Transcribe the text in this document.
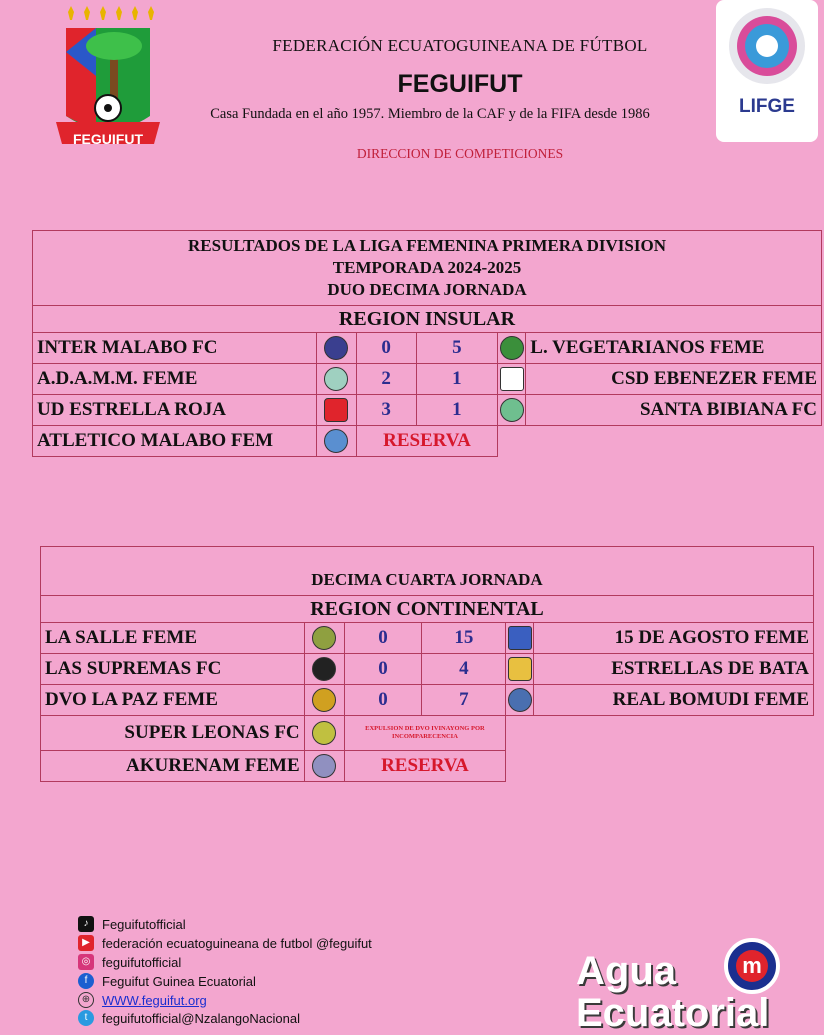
FEGUIFUT
LIFGE
FEDERACIÓN ECUATOGUINEANA DE FÚTBOL
FEGUIFUT
Casa Fundada en el año 1957. Miembro de la CAF y de la FIFA desde 1986
DIRECCION DE COMPETICIONES
RESULTADOS DE LA LIGA FEMENINA PRIMERA DIVISION
TEMPORADA 2024-2025
DUO DECIMA JORNADA					

REGION INSULAR					
INTER MALABO FC		0	5		L. VEGETARIANOS FEME
A.D.A.M.M. FEME		2	1		CSD EBENEZER FEME
UD ESTRELLA ROJA		3	1		SANTA BIBIANA FC
ATLETICO MALABO FEM		RESERVA			
DECIMA CUARTA JORNADA					
REGION CONTINENTAL					
LA SALLE FEME		0	15		15 DE AGOSTO FEME
LAS SUPREMAS FC		0	4		ESTRELLAS DE BATA
DVO LA PAZ FEME		0	7		REAL BOMUDI FEME
SUPER LEONAS FC		EXPULSION DE DVO IVINAYONG POR INCOMPARECENCIA			
AKURENAM FEME		RESERVA			
♪	Feguifutofficial
▶ federación ecuatoguineana de futbol @feguifut
◎ feguifutofficial
f	Feguifut Guinea Ecuatorial
⊕ WWW.feguifut.org
t	feguifutofficial@NzalangoNacional
m
Agua
Ecuatorial
